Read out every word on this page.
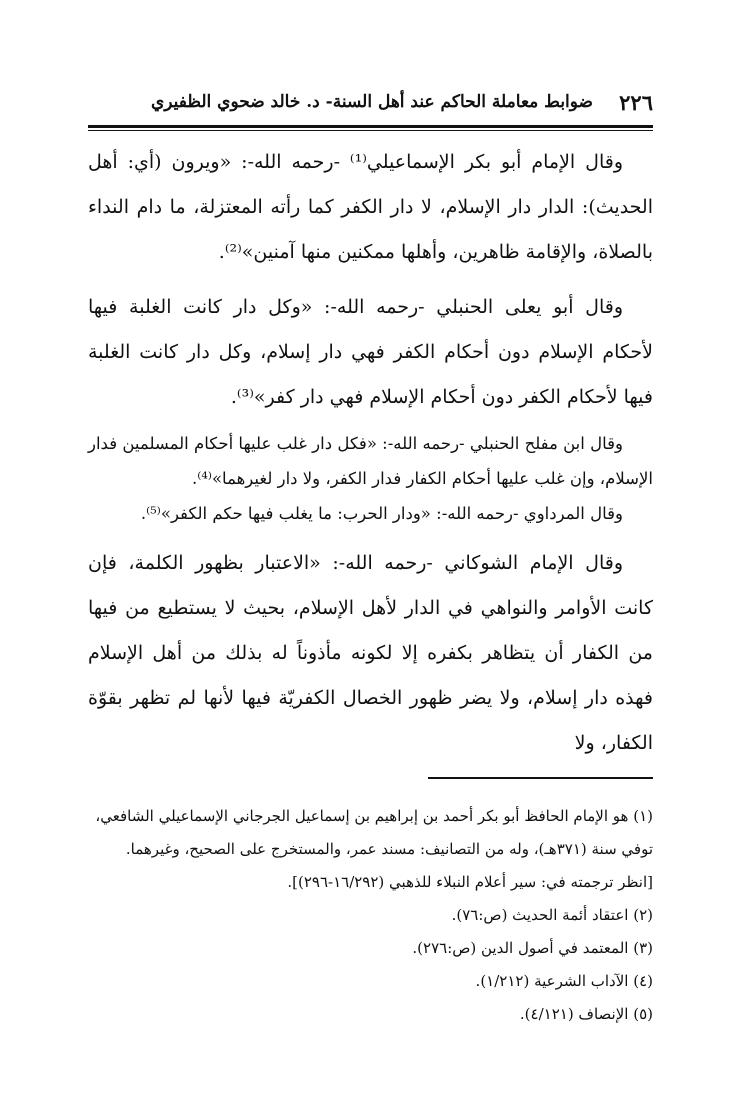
٢٢٦
ضوابط معاملة الحاكم عند أهل السنة- د. خالد ضحوي الظفيري

وقال الإمام أبو بكر الإسماعيلي⁽¹⁾ -رحمه الله-: «ويرون (أي: أهل الحديث): الدار دار الإسلام، لا دار الكفر كما رأته المعتزلة، ما دام النداء بالصلاة، والإقامة ظاهرين، وأهلها ممكنين منها آمنين»⁽²⁾.

وقال أبو يعلى الحنبلي -رحمه الله-: «وكل دار كانت الغلبة فيها لأحكام الإسلام دون أحكام الكفر فهي دار إسلام، وكل دار كانت الغلبة فيها لأحكام الكفر دون أحكام الإسلام فهي دار كفر»⁽³⁾.

وقال ابن مفلح الحنبلي -رحمه الله-: «فكل دار غلب عليها أحكام المسلمين فدار الإسلام، وإن غلب عليها أحكام الكفار فدار الكفر، ولا دار لغيرهما»⁽⁴⁾.

وقال المرداوي -رحمه الله-: «ودار الحرب: ما يغلب فيها حكم الكفر»⁽⁵⁾.

وقال الإمام الشوكاني -رحمه الله-: «الاعتبار بظهور الكلمة، فإن كانت الأوامر والنواهي في الدار لأهل الإسلام، بحيث لا يستطيع من فيها من الكفار أن يتظاهر بكفره إلا لكونه مأذوناً له بذلك من أهل الإسلام فهذه دار إسلام، ولا يضر ظهور الخصال الكفريّة فيها لأنها لم تظهر بقوّة الكفار، ولا

(١) هو الإمام الحافظ أبو بكر أحمد بن إبراهيم بن إسماعيل الجرجاني الإسماعيلي الشافعي، توفي سنة (٣٧١هـ)، وله من التصانيف: مسند عمر، والمستخرج على الصحيح، وغيرهما. [انظر ترجمته في: سير أعلام النبلاء للذهبي (١٦/٢٩٢-٢٩٦)].

(٢) اعتقاد أئمة الحديث (ص:٧٦).

(٣) المعتمد في أصول الدين (ص:٢٧٦).

(٤) الآداب الشرعية (١/٢١٢).

(٥) الإنصاف (٤/١٢١).
